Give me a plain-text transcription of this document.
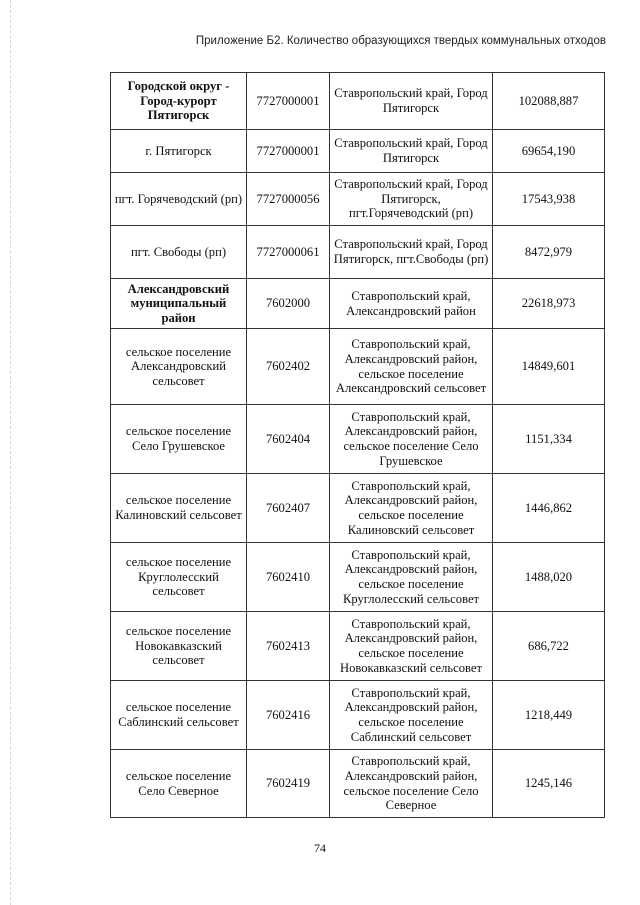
Приложение Б2. Количество образующихся твердых коммунальных отходов
Городской округ - Город-курорт Пятигорск	7727000001	Ставропольский край, Город Пятигорск	102088,887
г. Пятигорск	7727000001	Ставропольский край, Город Пятигорск	69654,190
пгт. Горячеводский (рп)	7727000056	Ставропольский край, Город Пятигорск, пгт.Горячеводский (рп)	17543,938
пгт. Свободы (рп)	7727000061	Ставропольский край, Город Пятигорск, пгт.Свободы (рп)	8472,979
Александровский муниципальный район	7602000	Ставропольский край, Александровский район	22618,973
сельское поселение Александровский сельсовет	7602402	Ставропольский край, Александровский район, сельское поселение Александровский сельсовет	14849,601
сельское поселение Село Грушевское	7602404	Ставропольский край, Александровский район, сельское поселение Село Грушевское	1151,334
сельское поселение Калиновский сельсовет	7602407	Ставропольский край, Александровский район, сельское поселение Калиновский сельсовет	1446,862
сельское поселение Круглолесский сельсовет	7602410	Ставропольский край, Александровский район, сельское поселение Круглолесский сельсовет	1488,020
сельское поселение Новокавказский сельсовет	7602413	Ставропольский край, Александровский район, сельское поселение Новокавказский сельсовет	686,722
сельское поселение Саблинский сельсовет	7602416	Ставропольский край, Александровский район, сельское поселение Саблинский сельсовет	1218,449
сельское поселение Село Северное	7602419	Ставропольский край, Александровский район, сельское поселение Село Северное	1245,146
74
